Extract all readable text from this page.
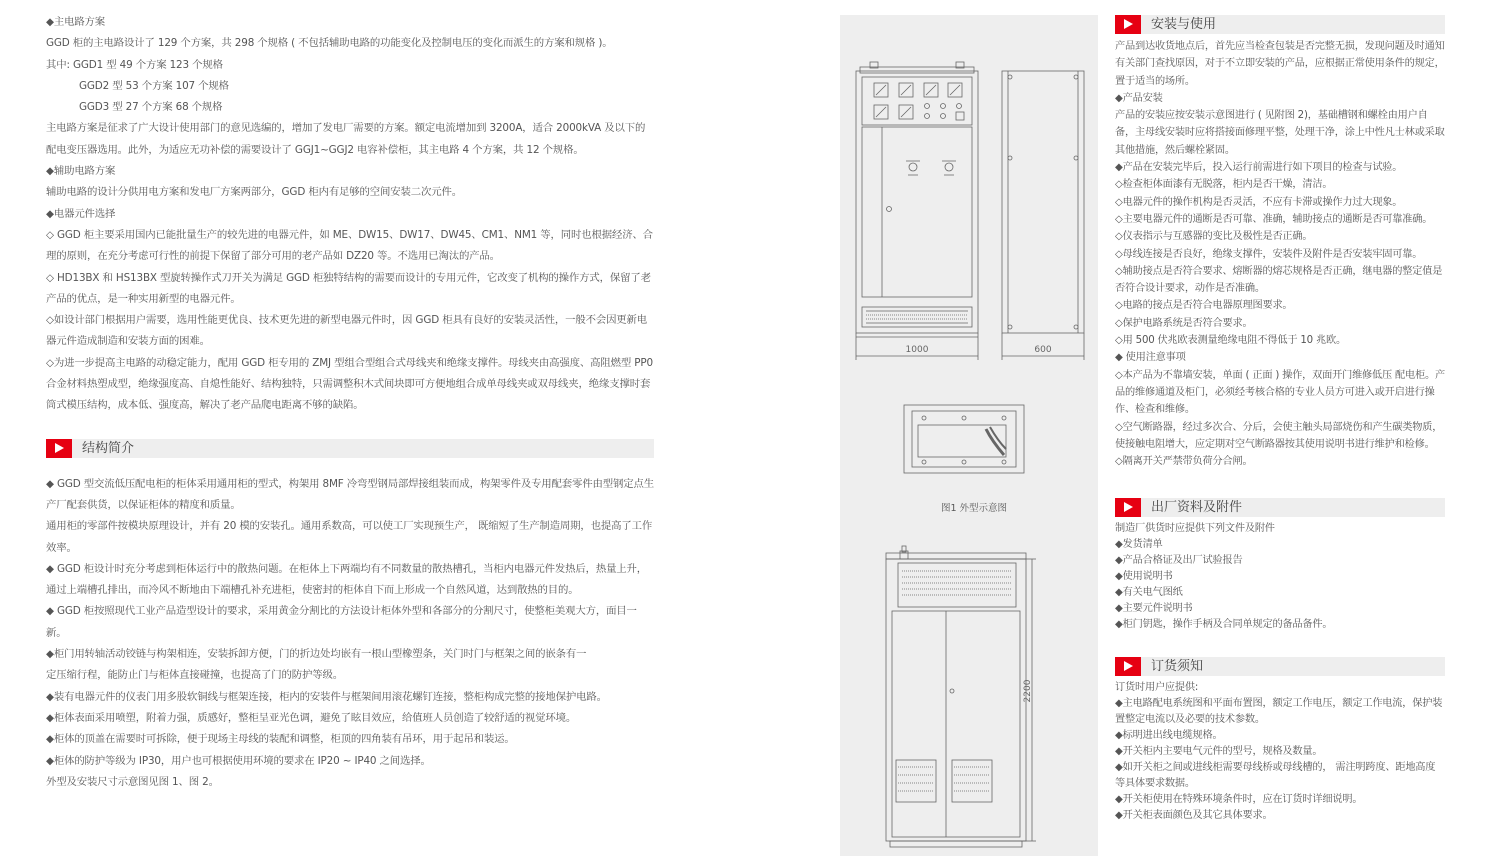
◆主电路方案

GGD 柜的主电路设计了 129 个方案，共 298 个规格 ( 不包括辅助电路的功能变化及控制电压的变化而派生的方案和规格 )。

其中: GGD1 型 49 个方案 123 个规格

GGD2 型 53 个方案 107 个规格

GGD3 型 27 个方案 68 个规格

主电路方案是征求了广大设计使用部门的意见选编的，增加了发电厂需要的方案。额定电流增加到 3200A，适合 2000kVA 及以下的配电变压器选用。此外，为适应无功补偿的需要设计了 GGJ1~GGJ2 电容补偿柜，其主电路 4 个方案，共 12 个规格。

◆辅助电路方案

辅助电路的设计分供用电方案和发电厂方案两部分，GGD 柜内有足够的空间安装二次元件。

◆电器元件选择

◇ GGD 柜主要采用国内已能批量生产的较先进的电器元件，如 ME、DW15、DW17、DW45、CM1、NM1 等，同时也根据经济、合理的原则，在充分考虑可行性的前提下保留了部分可用的老产品如 DZ20 等。不选用已淘汰的产品。

◇ HD13BX 和 HS13BX 型旋转操作式刀开关为满足 GGD 柜独特结构的需要而设计的专用元件，它改变了机构的操作方式，保留了老产品的优点，是一种实用新型的电器元件。

◇如设计部门根据用户需要，选用性能更优良、技术更先进的新型电器元件时，因 GGD 柜具有良好的安装灵活性，一般不会因更新电器元件造成制造和安装方面的困难。

◇为进一步提高主电路的动稳定能力，配用 GGD 柜专用的 ZMJ 型组合型组合式母线夹和绝缘支撑件。母线夹由高强度、高阻燃型 PP0 合金材料热塑成型，绝缘强度高、自熄性能好、结构独特，只需调整积木式间块即可方便地组合成单母线夹或双母线夹，绝缘支撑时套筒式模压结构，成本低、强度高，解决了老产品爬电距离不够的缺陷。

结构简介

◆ GGD 型交流低压配电柜的柜体采用通用柜的型式，构架用 8MF 冷弯型钢局部焊接组装而成，构架零件及专用配套零件由型钢定点生产厂配套供货，以保证柜体的精度和质量。

通用柜的零部件按模块原理设计，并有 20 模的安装孔。通用系数高，可以使工厂实现预生产， 既缩短了生产制造周期，也提高了工作效率。

◆ GGD 柜设计时充分考虑到柜体运行中的散热问题。在柜体上下两端均有不同数量的散热槽孔，当柜内电器元件发热后，热量上升，通过上端槽孔排出，而冷风不断地由下端槽孔补充进柜，使密封的柜体自下而上形成一个自然风道，达到散热的目的。

◆ GGD 柜按照现代工业产品造型设计的要求，采用黄金分割比的方法设计柜体外型和各部分的分割尺寸，使整柜美观大方，面目一新。

◆柜门用转轴活动铰链与构架相连，安装拆卸方便，门的折边处均嵌有一根山型橡塑条，关门时门与框架之间的嵌条有一

定压缩行程，能防止门与柜体直接碰撞，也提高了门的防护等级。

◆装有电器元件的仪表门用多股软铜线与框架连接，柜内的安装件与框架间用滚花螺钉连接，整柜构成完整的接地保护电路。

◆柜体表面采用喷塑，附着力强，质感好，整柜呈亚光色调，避免了眩目效应，给值班人员创造了较舒适的视觉环境。

◆柜体的顶盖在需要时可拆除，便于现场主母线的装配和调整，柜顶的四角装有吊环，用于起吊和装运。

◆柜体的防护等级为 IP30，用户也可根据使用环境的要求在 IP20 ~ IP40 之间选择。

外型及安装尺寸示意图见图 1、图 2。

1000	600
图1 外型示意图
2200
安装与使用

产品到达收货地点后，首先应当检查包装是否完整无损，发现问题及时通知有关部门查找原因，对于不立即安装的产品，应根据正常使用条件的规定，置于适当的场所。

◆产品安装

产品的安装应按安装示意图进行 ( 见附图 2)，基础槽钢和螺栓由用户自备，主母线安装时应将搭接面修理平整，处理干净，涂上中性凡士林或采取其他措施，然后螺栓紧固。

◆产品在安装完毕后，投入运行前需进行如下项目的检查与试验。

◇检查柜体面漆有无脱落，柜内是否干燥，清洁。

◇电器元件的操作机构是否灵活，不应有卡滞或操作力过大现象。

◇主要电器元件的通断是否可靠、准确，辅助接点的通断是否可靠准确。

◇仪表指示与互感器的变比及极性是否正确。

◇母线连接是否良好，绝缘支撑件，安装件及附件是否安装牢固可靠。

◇辅助接点是否符合要求、熔断器的熔芯规格是否正确，继电器的整定值是否符合设计要求，动作是否准确。

◇电路的接点是否符合电器原理图要求。

◇保护电路系统是否符合要求。

◇用 500 伏兆欧表测量绝缘电阻不得低于 10 兆欧。

◆ 使用注意事项

◇本产品为不靠墙安装，单面 ( 正面 ) 操作，双面开门维修低压 配电柜。产品的维修通道及柜门，必须经考核合格的专业人员方可进入或开启进行操作、检查和维修。

◇空气断路器，经过多次合、分后，会使主触头局部烧伤和产生碳类物质，使接触电阻增大，应定期对空气断路器按其使用说明书进行维护和检修。

◇隔离开关严禁带负荷分合闸。

出厂资料及附件

制造厂供货时应提供下列文件及附件

◆发货清单

◆产品合格证及出厂试验报告

◆使用说明书

◆有关电气图纸

◆主要元件说明书

◆柜门钥匙，操作手柄及合同单规定的备品备件。

订货须知

订货时用户应提供:

◆主电路配电系统图和平面布置图，额定工作电压，额定工作电流，保护装置整定电流以及必要的技术参数。

◆标明进出线电缆规格。

◆开关柜内主要电气元件的型号，规格及数量。

◆如开关柜之间或进线柜需要母线桥或母线槽的， 需注明跨度、距地高度等具体要求数据。

◆开关柜使用在特殊环境条件时，应在订货时详细说明。

◆开关柜表面颜色及其它具体要求。
